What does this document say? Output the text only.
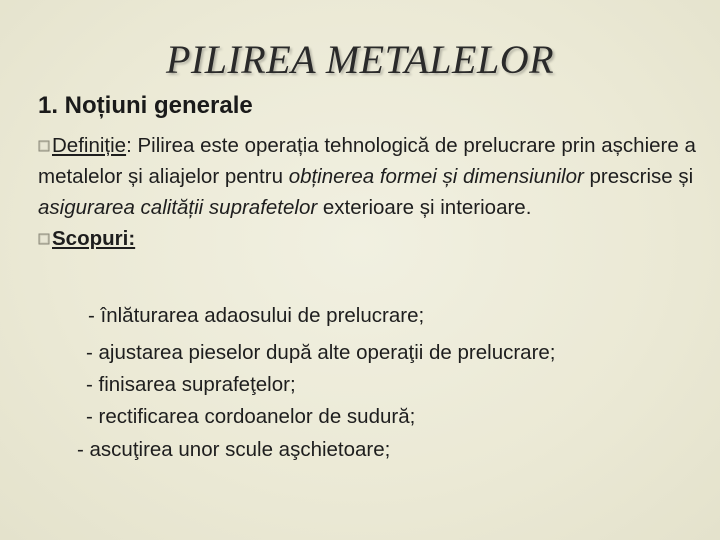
PILIREA METALELOR
1. Noțiuni generale
Definiție: Pilirea este operația tehnologică de prelucrare prin așchiere a metalelor și aliajelor pentru obținerea formei și dimensiunilor prescrise și asigurarea calității suprafetelor exterioare și interioare.

Scopuri:
- înlăturarea adaosului de prelucrare;
- ajustarea pieselor după alte operaţii de prelucrare;
- finisarea suprafeţelor;
- rectificarea cordoanelor de sudură;
- ascuţirea unor scule aşchietoare;
